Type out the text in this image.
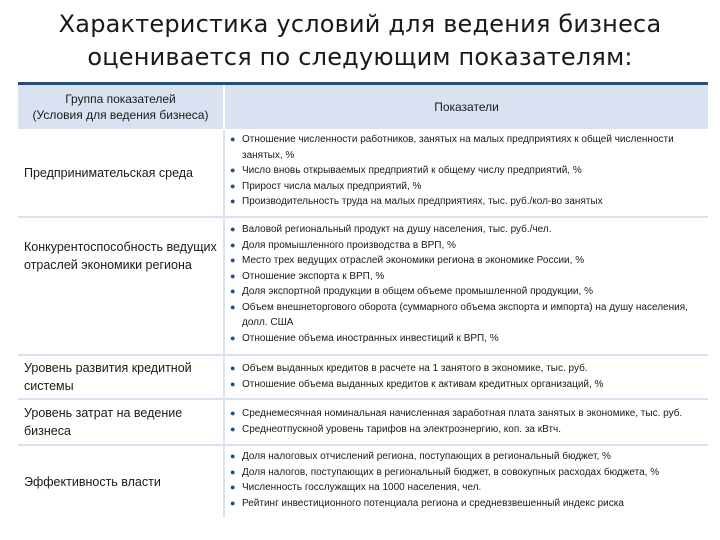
Характеристика условий для ведения бизнеса
оценивается по следующим показателям:
Группа показателей
(Условия для ведения бизнеса)
Показатели
Предпринимательская среда
● Отношение численности работников, занятых на малых предприятиях к общей численности занятых, %
● Число вновь открываемых предприятий к общему числу предприятий, %
● Прирост числа малых предприятий, %
● Производительность труда на малых предприятиях, тыс. руб./кол-во занятых
Конкурентоспособность ведущих
отраслей экономики региона
● Валовой региональный продукт на душу населения, тыс. руб./чел.
● Доля промышленного производства в ВРП, %
● Место трех ведущих отраслей экономики региона в экономике России, %
● Отношение экспорта к ВРП, %
● Доля экспортной продукции в общем объеме промышленной продукции, %
● Объем внешнеторгового оборота (суммарного объема экспорта и импорта) на душу населения, долл. США
● Отношение объема иностранных инвестиций к ВРП, %
Уровень развития кредитной
системы
● Объем выданных кредитов в расчете на 1 занятого в экономике, тыс. руб.
● Отношение объема выданных кредитов к активам кредитных организаций, %
Уровень затрат на ведение
бизнеса
● Среднемесячная номинальная начисленная заработная плата занятых в экономике, тыс. руб.
● Среднеотпускной уровень тарифов на электроэнергию, коп. за кВтч.
Эффективность власти
● Доля налоговых отчислений региона, поступающих в региональный бюджет, %
● Доля налогов, поступающих в региональный бюджет, в совокупных расходах бюджета, %
● Численность госслужащих на 1000 населения, чел.
● Рейтинг инвестиционного потенциала региона и средневзвешенный индекс риска
